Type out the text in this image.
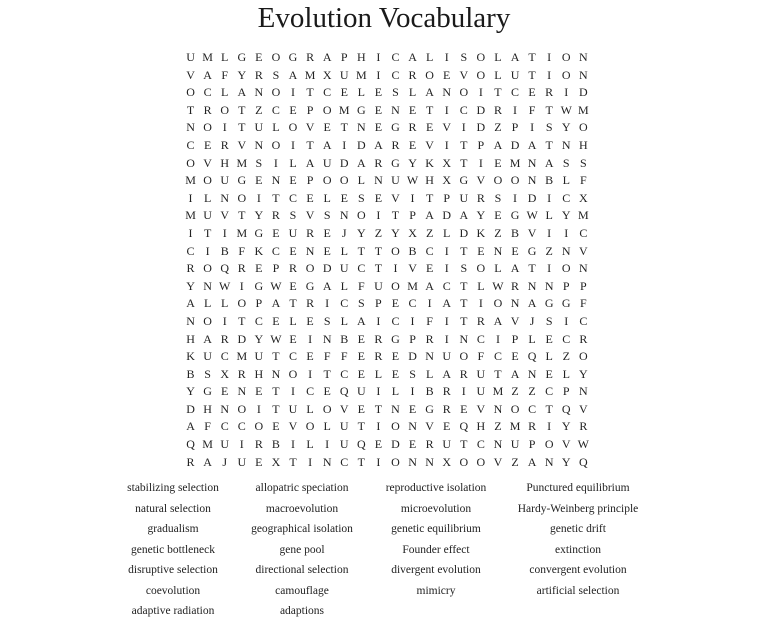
Evolution Vocabulary
U M L G E O G R A P H I C A L I S O L A T I O N
V A F Y R S A M X U M I C R O E V O L U T I O N
O C L A N O I T C E L E S L A N O I T C E R I D
T R O T Z C E P O M G E N E T I C D R I F T W M
N O I T U L O V E T N E G R E V I D Z P I S Y O
C E R V N O I T A I D A R E V I T P A D A T N H
O V H M S I L A U D A R G Y K X T I E M N A S S
M O U G E N E P O O L N U W H X G V O O N B L F
I L N O I T C E L E S E V I T P U R S I D I C X
M U V T Y R S V S N O I T P A D A Y E G W L Y M
I T I M G E U R E J Y Z Y X Z L D K Z B V I	I C
C I B F K C E N E L T T O B C I T E N E G Z N V
R O Q R E P R O D U C T I V E I S O L A T I O N
Y N W I G W E G A L F U O M A C T L W R N N P P
A L L O P A T R I C S P E C I A T I O N A G G F
N O I T C E L E S L A I C I F I T R A V J S I C
H A R D Y W E I N B E R G P R I N C I P L E C R
K U C M U T C E F F E R E D N U O F C E Q L Z O
B S X R H N O I T C E L E S L A R U T A N E L Y
Y G E N E T I C E Q U I L I B R I U M Z Z C P N
D H N O I T U L O V E T N E G R E V N O C T Q V
A F C C O E V O L U T I O N V E Q H Z M R I Y R
Q M U I R B I L I U Q E D E R U T C N U P O V W
R A J U E X T I N C T I O N N X O O V Z A N Y Q
stabilizing selection
natural selection
gradualism
genetic bottleneck
disruptive selection
coevolution
adaptive radiation
allopatric speciation
macroevolution
geographical isolation
gene pool
directional selection
camouflage
adaptions
reproductive isolation
microevolution
genetic equilibrium
Founder effect
divergent evolution
mimicry
Punctured equilibrium
Hardy-Weinberg principle
genetic drift
extinction
convergent evolution
artificial selection
